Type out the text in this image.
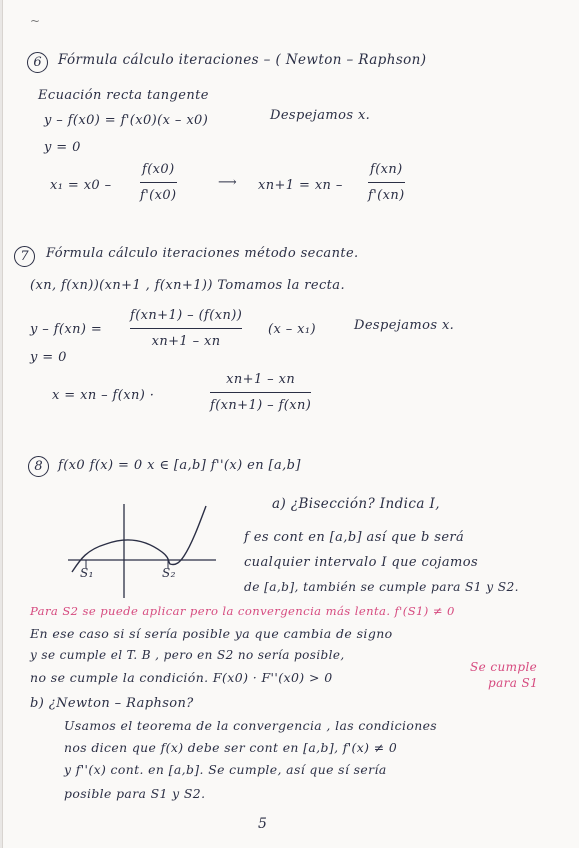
~
6	Fórmula cálculo iteraciones – ( Newton – Raphson)
Ecuación recta tangente
y – f(x0) = f'(x0)(x – x0)	Despejamos x.
y = 0
x₁ = x0 –
f(x0)
f'(x0)
⟶ xn+1 = xn –
f(xn)
f'(xn)
7	Fórmula cálculo iteraciones método secante.
(xn, f(xn))(xn+1 , f(xn+1)) Tomamos la recta.
y – f(xn) =
f(xn+1) – (f(xn))
xn+1 – xn
(x – x₁)	Despejamos x.
y = 0
x = xn – f(xn) ·
xn+1 – xn
f(xn+1) – f(xn)
8	f(x0 f(x) = 0 x ∈ [a,b] f''(x) en [a,b]
S₁	S₂
a) ¿Bisección? Indica I,
f es cont en [a,b] así que b será
cualquier intervalo I que cojamos
de [a,b], también se cumple para S1 y S2.
Para S2 se puede aplicar pero la convergencia más lenta. f'(S1) ≠ 0
En ese caso si sí sería posible ya que cambia de signo
y se cumple el T. B , pero en S2 no sería posible,
no se cumple la condición. F(x0) · F''(x0) > 0
Se cumple
para S1
b) ¿Newton – Raphson?
Usamos el teorema de la convergencia , las condiciones
nos dicen que f(x) debe ser cont en [a,b], f'(x) ≠ 0
y f''(x) cont. en [a,b]. Se cumple, así que sí sería
posible para S1 y S2.
5
